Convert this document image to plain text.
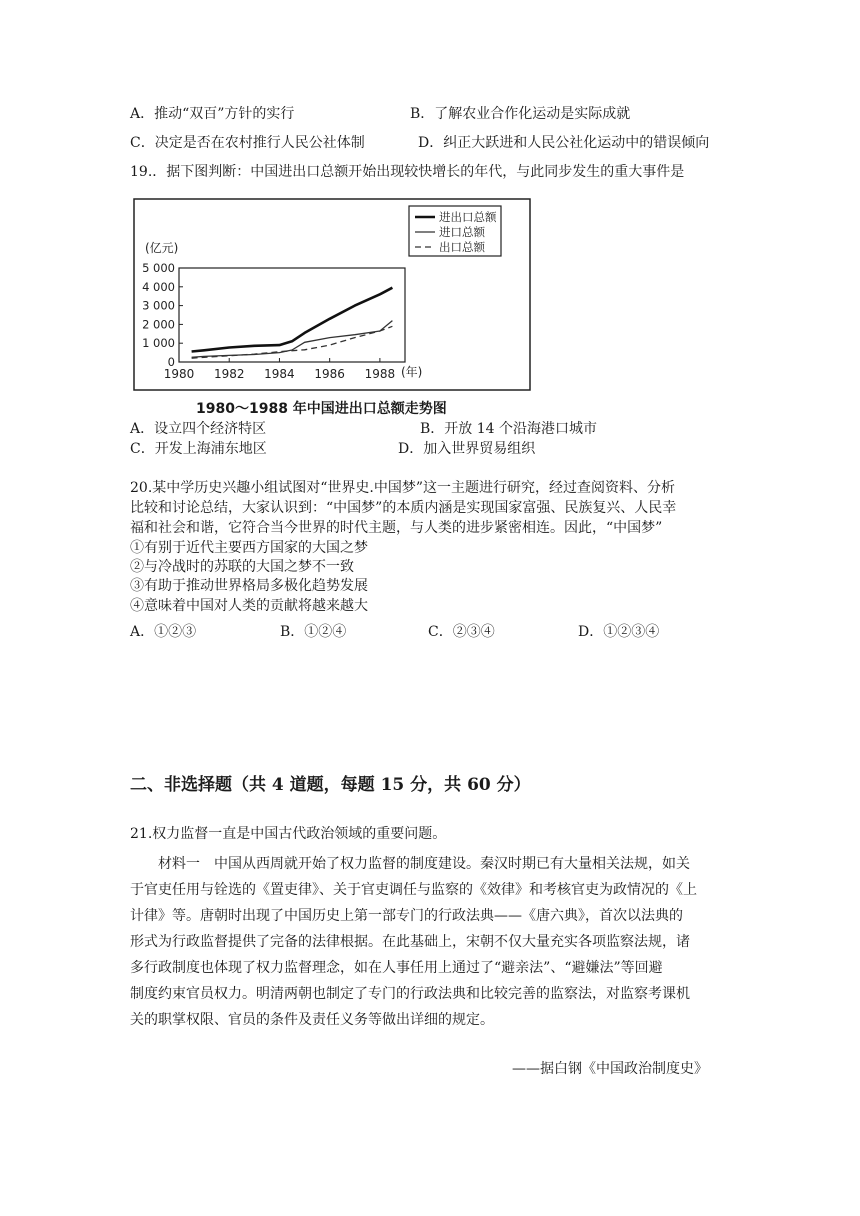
A．推动“双百”方针的实行	B．了解农业合作化运动是实际成就
C．决定是否在农村推行人民公社体制	D．纠正大跃进和人民公社化运动中的错误倾向
19.．据下图判断：中国进出口总额开始出现较快增长的年代，与此同步发生的重大事件是
(亿元)
0
1 000
2 000
3 000
4 000
5 000
1980 1982 1984 1986 1988 (年)
进出口总额
进口总额
出口总额
1980～1988 年中国进出口总额走势图
A．设立四个经济特区	B．开放 14 个沿海港口城市
C．开发上海浦东地区	D．加入世界贸易组织
20.某中学历史兴趣小组试图对“世界史.中国梦”这一主题进行研究，经过查阅资料、分析
比较和讨论总结，大家认识到：“中国梦”的本质内涵是实现国家富强、民族复兴、人民幸
福和社会和谐，它符合当今世界的时代主题，与人类的进步紧密相连。因此，“中国梦”
①有别于近代主要西方国家的大国之梦
②与冷战时的苏联的大国之梦不一致
③有助于推动世界格局多极化趋势发展
④意味着中国对人类的贡献将越来越大
A．①②③	B．①②④	C．②③④	D．①②③④
二、非选择题（共 4 道题，每题 15 分，共 60 分）
21.权力监督一直是中国古代政治领域的重要问题。
材料一　中国从西周就开始了权力监督的制度建设。秦汉时期已有大量相关法规，如关
于官吏任用与铨选的《置吏律》、关于官吏调任与监察的《效律》和考核官吏为政情况的《上
计律》等。唐朝时出现了中国历史上第一部专门的行政法典——《唐六典》，首次以法典的
形式为行政监督提供了完备的法律根据。在此基础上，宋朝不仅大量充实各项监察法规，诸
多行政制度也体现了权力监督理念，如在人事任用上通过了“避亲法”、“避嫌法”等回避
制度约束官员权力。明清两朝也制定了专门的行政法典和比较完善的监察法，对监察考课机
关的职掌权限、官员的条件及责任义务等做出详细的规定。
——据白钢《中国政治制度史》
